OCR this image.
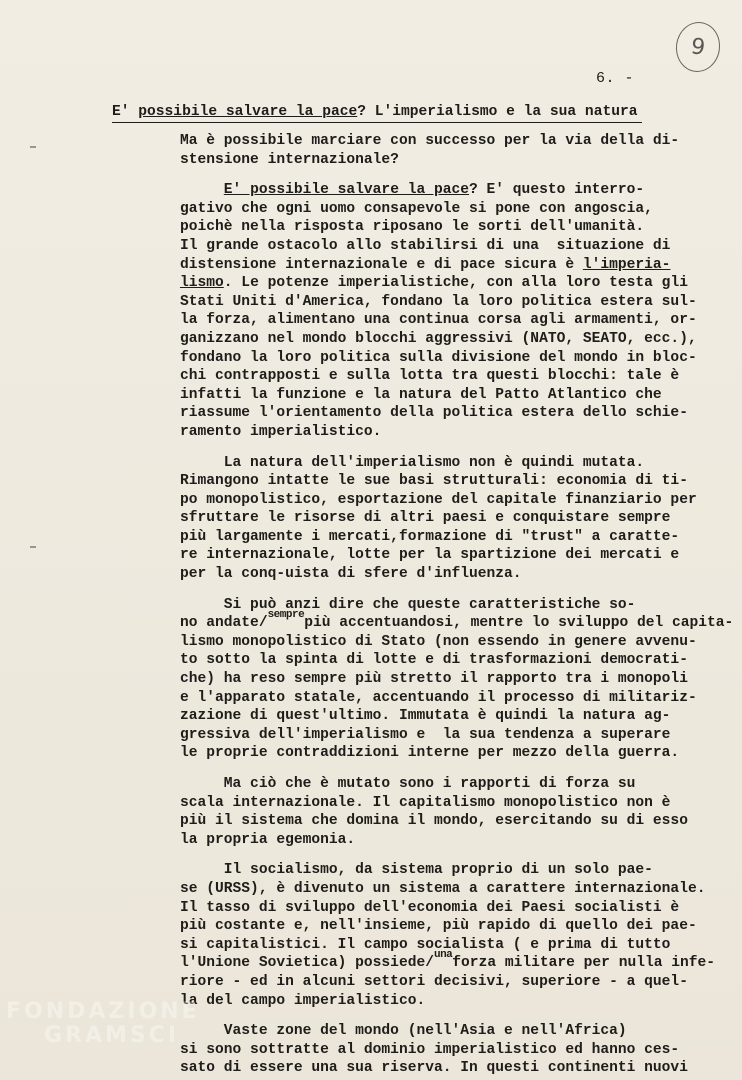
9
6. -
E' possibile salvare la pace? L'imperialismo e la sua natura
Ma è possibile marciare con successo per la via della di-
stensione internazionale?
E' possibile salvare la pace? E' questo interro-
gativo che ogni uomo consapevole si pone con angoscia,
poichè nella risposta riposano le sorti dell'umanità.
Il grande ostacolo allo stabilirsi di una  situazione di
distensione internazionale e di pace sicura è l'imperia-
lismo. Le potenze imperialistiche, con alla loro testa gli
Stati Uniti d'America, fondano la loro politica estera sul-
la forza, alimentano una continua corsa agli armamenti, or-
ganizzano nel mondo blocchi aggressivi (NATO, SEATO, ecc.),
fondano la loro politica sulla divisione del mondo in bloc-
chi contrapposti e sulla lotta tra questi blocchi: tale è
infatti la funzione e la natura del Patto Atlantico che
riassume l'orientamento della politica estera dello schie-
ramento imperialistico.
La natura dell'imperialismo non è quindi mutata.
Rimangono intatte le sue basi strutturali: economia di ti-
po monopolistico, esportazione del capitale finanziario per
sfruttare le risorse di altri paesi e conquistare sempre
più largamente i mercati,formazione di "trust" a caratte-
re internazionale, lotte per la spartizione dei mercati e
per la conq-uista di sfere d'influenza.
Si può anzi dire che queste caratteristiche so-
no andate/$^{sempre}$più accentuandosi, mentre lo sviluppo del capita-
lismo monopolistico di Stato (non essendo in genere avvenu-
to sotto la spinta di lotte e di trasformazioni democrati-
che) ha reso sempre più stretto il rapporto tra i monopoli
e l'apparato statale, accentuando il processo di militariz-
zazione di quest'ultimo. Immutata è quindi la natura ag-
gressiva dell'imperialismo e  la sua tendenza a superare
le proprie contraddizioni interne per mezzo della guerra.
Ma ciò che è mutato sono i rapporti di forza su
scala internazionale. Il capitalismo monopolistico non è
più il sistema che domina il mondo, esercitando su di esso
la propria egemonia.
Il socialismo, da sistema proprio di un solo pae-
se (URSS), è divenuto un sistema a carattere internazionale.
Il tasso di sviluppo dell'economia dei Paesi socialisti è
più costante e, nell'insieme, più rapido di quello dei pae-
si capitalistici. Il campo socialista ( e prima di tutto
l'Unione Sovietica) possiede/$^{una}$forza militare per nulla infe-
riore - ed in alcuni settori decisivi, superiore - a quel-
la del campo imperialistico.
Vaste zone del mondo (nell'Asia e nell'Africa)
si sono sottratte al dominio imperialistico ed hanno ces-
sato di essere una sua riserva. In questi continenti nuovi
FONDAZIONE
GRAMSCI
